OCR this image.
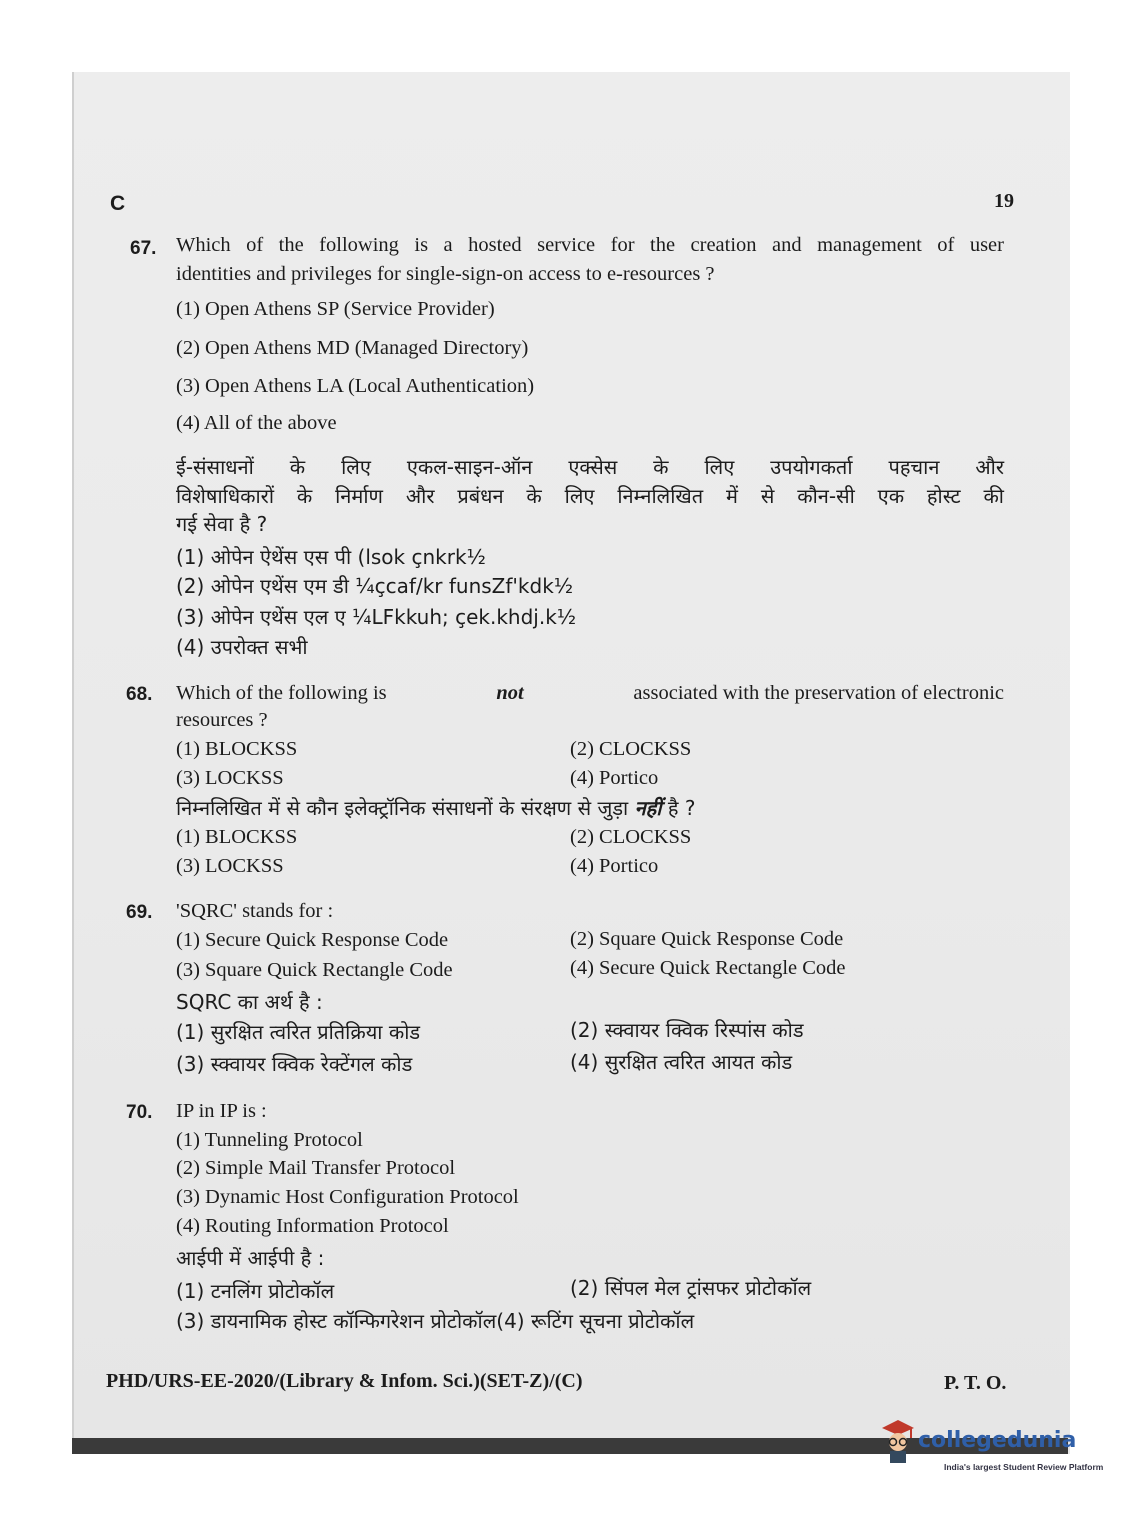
C	19
67. Which of the following is a hosted service for the creation and management of user
identities and privileges for single-sign-on access to e-resources ?
(1) Open Athens SP (Service Provider)
(2) Open Athens MD (Managed Directory)
(3) Open Athens LA (Local Authentication)
(4) All of the above
ई-संसाधनों के लिए एकल-साइन-ऑन एक्सेस के लिए उपयोगकर्ता पहचान और
विशेषाधिकारों के निर्माण और प्रबंधन के लिए निम्नलिखित में से कौन-सी एक होस्ट की
गई सेवा है ?
(1) ओपेन ऐथेंस एस पी (lsok çnkrk½
(2) ओपेन एथेंस एम डी ¼çcaf/kr funsZf'kdk½
(3) ओपेन एथेंस एल ए ¼LFkkuh; çek.khdj.k½
(4) उपरोक्त सभी
68. Which of the following is	not	associated with the preservation of electronic
resources ?
(1) BLOCKSS	(2) CLOCKSS
(3) LOCKSS	(4) Portico
निम्नलिखित में से कौन इलेक्ट्रॉनिक संसाधनों के संरक्षण से जुड़ा नहीं है ?
(1) BLOCKSS	(2) CLOCKSS
(3) LOCKSS	(4) Portico
69. 'SQRC' stands for :
(1) Secure Quick Response Code	(2) Square Quick Response Code
(3) Square Quick Rectangle Code	(4) Secure Quick Rectangle Code
SQRC का अर्थ है :
(1) सुरक्षित त्वरित प्रतिक्रिया कोड	(2) स्क्वायर क्विक रिस्पांस कोड
(3) स्क्वायर क्विक रेक्टेंगल कोड	(4) सुरक्षित त्वरित आयत कोड
70. IP in IP is :
(1) Tunneling Protocol
(2) Simple Mail Transfer Protocol
(3) Dynamic Host Configuration Protocol
(4) Routing Information Protocol
आईपी में आईपी है :
(1) टनलिंग प्रोटोकॉल	(2) सिंपल मेल ट्रांसफर प्रोटोकॉल
(3) डायनामिक होस्ट कॉन्फिगरेशन प्रोटोकॉल(4) रूटिंग सूचना प्रोटोकॉल
PHD/URS-EE-2020/(Library & Infom. Sci.)(SET-Z)/(C)	P. T. O.
collegedunia
India's largest Student Review Platform
